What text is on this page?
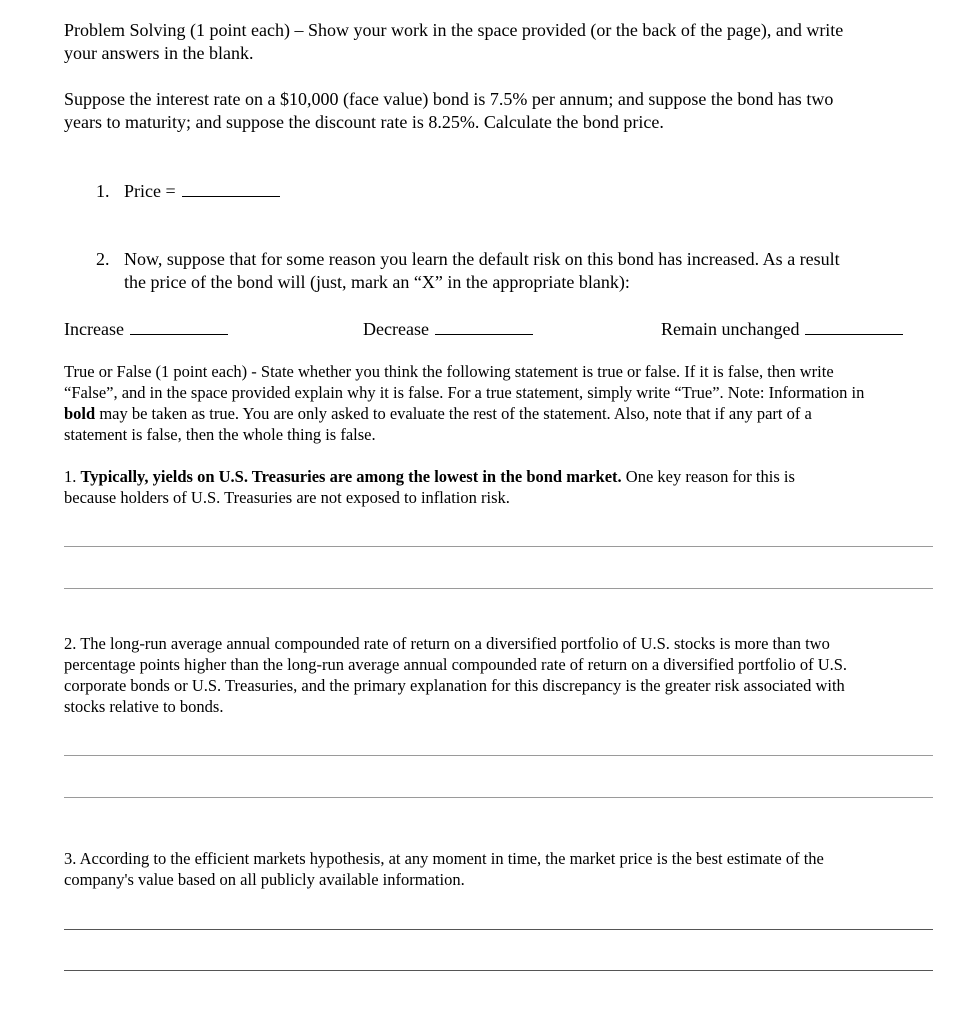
Problem Solving (1 point each) – Show your work in the space provided (or the back of the page), and write
your answers in the blank.
Suppose the interest rate on a $10,000 (face value) bond is 7.5% per annum; and suppose the bond has two
years to maturity; and suppose the discount rate is 8.25%. Calculate the bond price.
1. Price =
2. Now, suppose that for some reason you learn the default risk on this bond has increased. As a result
the price of the bond will (just, mark an “X” in the appropriate blank):
Increase	Decrease	Remain unchanged
True or False (1 point each) - State whether you think the following statement is true or false. If it is false, then write
“False”, and in the space provided explain why it is false. For a true statement, simply write “True”. Note: Information in
bold may be taken as true. You are only asked to evaluate the rest of the statement. Also, note that if any part of a
statement is false, then the whole thing is false.
1. Typically, yields on U.S. Treasuries are among the lowest in the bond market. One key reason for this is
because holders of U.S. Treasuries are not exposed to inflation risk.
2. The long-run average annual compounded rate of return on a diversified portfolio of U.S. stocks is more than two
percentage points higher than the long-run average annual compounded rate of return on a diversified portfolio of U.S.
corporate bonds or U.S. Treasuries, and the primary explanation for this discrepancy is the greater risk associated with
stocks relative to bonds.
3. According to the efficient markets hypothesis, at any moment in time, the market price is the best estimate of the
company's value based on all publicly available information.
